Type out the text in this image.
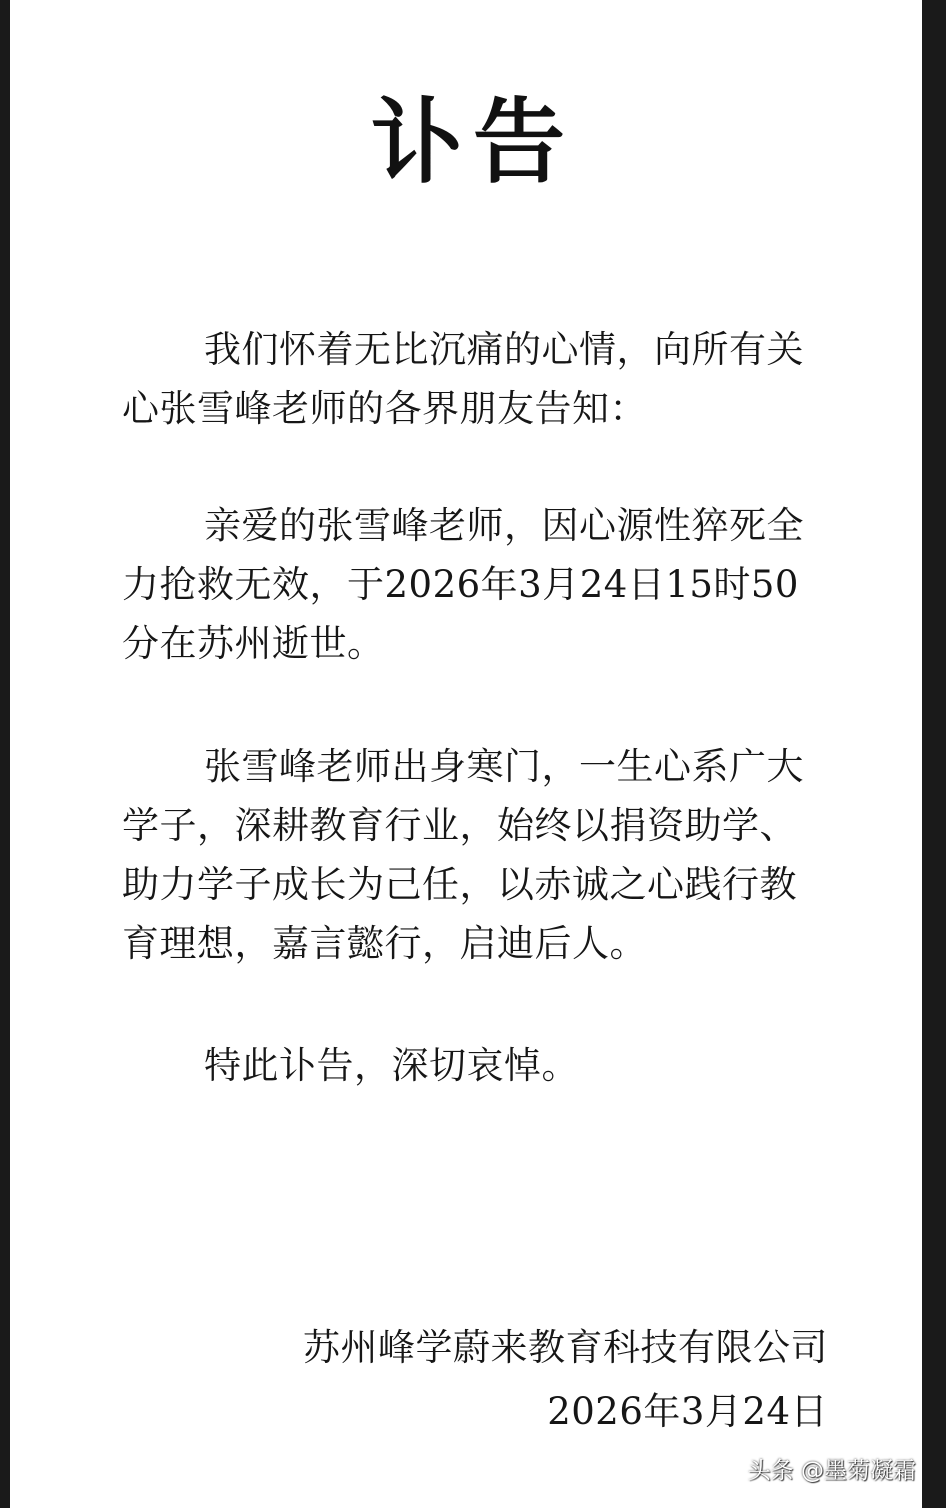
讣告

我们怀着无比沉痛的心情，向所有关心张雪峰老师的各界朋友告知：

亲爱的张雪峰老师，因心源性猝死全力抢救无效，于2026年3月24日15时50分在苏州逝世。

张雪峰老师出身寒门，一生心系广大学子，深耕教育行业，始终以捐资助学、助力学子成长为己任，以赤诚之心践行教育理想，嘉言懿行，启迪后人。

特此讣告，深切哀悼。

苏州峰学蔚来教育科技有限公司
2026年3月24日
头条 @墨菊凝霜
